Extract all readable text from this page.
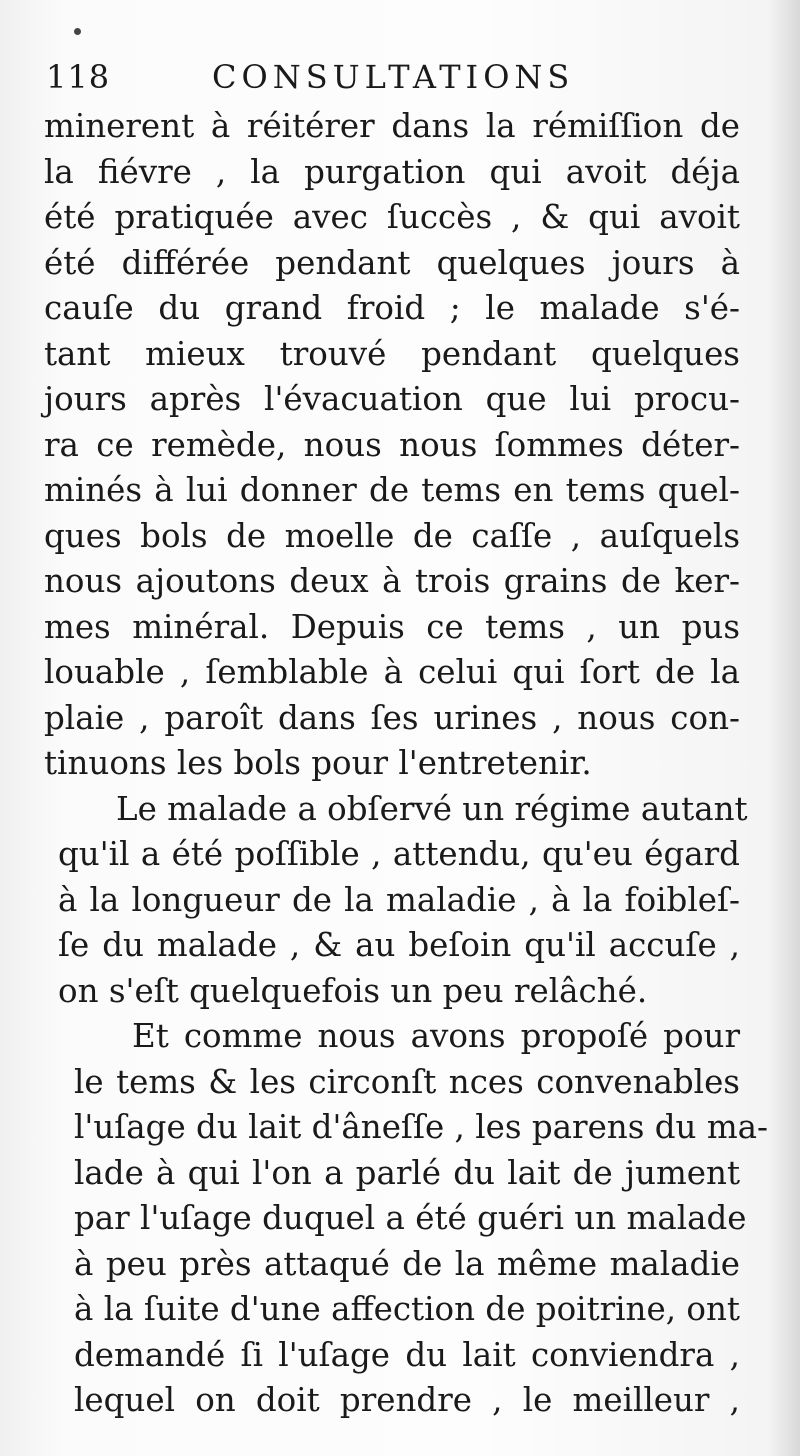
118	CONSULTATIONS
minerent à réitérer dans la rémiſſion de
la fiévre , la purgation qui avoit déja
été pratiquée avec ſuccès , & qui avoit
été différée pendant quelques jours à
cauſe du grand froid ; le malade s'é-
tant mieux trouvé pendant quelques
jours après l'évacuation que lui procu-
ra ce remède, nous nous ſommes déter-
minés à lui donner de tems en tems quel-
ques bols de moelle de caſſe , auſquels
nous ajoutons deux à trois grains de ker-
mes minéral. Depuis ce tems , un pus
louable , ſemblable à celui qui ſort de la
plaie , paroît dans ſes urines , nous con-
tinuons les bols pour l'entretenir.
Le malade a obſervé un régime autant
qu'il a été poſſible , attendu, qu'eu égard
à la longueur de la maladie , à la foibleſ-
ſe du malade , & au beſoin qu'il accuſe ,
on s'eſt quelquefois un peu relâché.
Et comme nous avons propoſé pour
le tems & les circonſt nces convenables
l'uſage du lait d'âneſſe , les parens du ma-
lade à qui l'on a parlé du lait de jument
par l'uſage duquel a été guéri un malade
à peu près attaqué de la même maladie
à la ſuite d'une affection de poitrine, ont
demandé ſi l'uſage du lait conviendra ,
lequel on doit prendre , le meilleur ,
